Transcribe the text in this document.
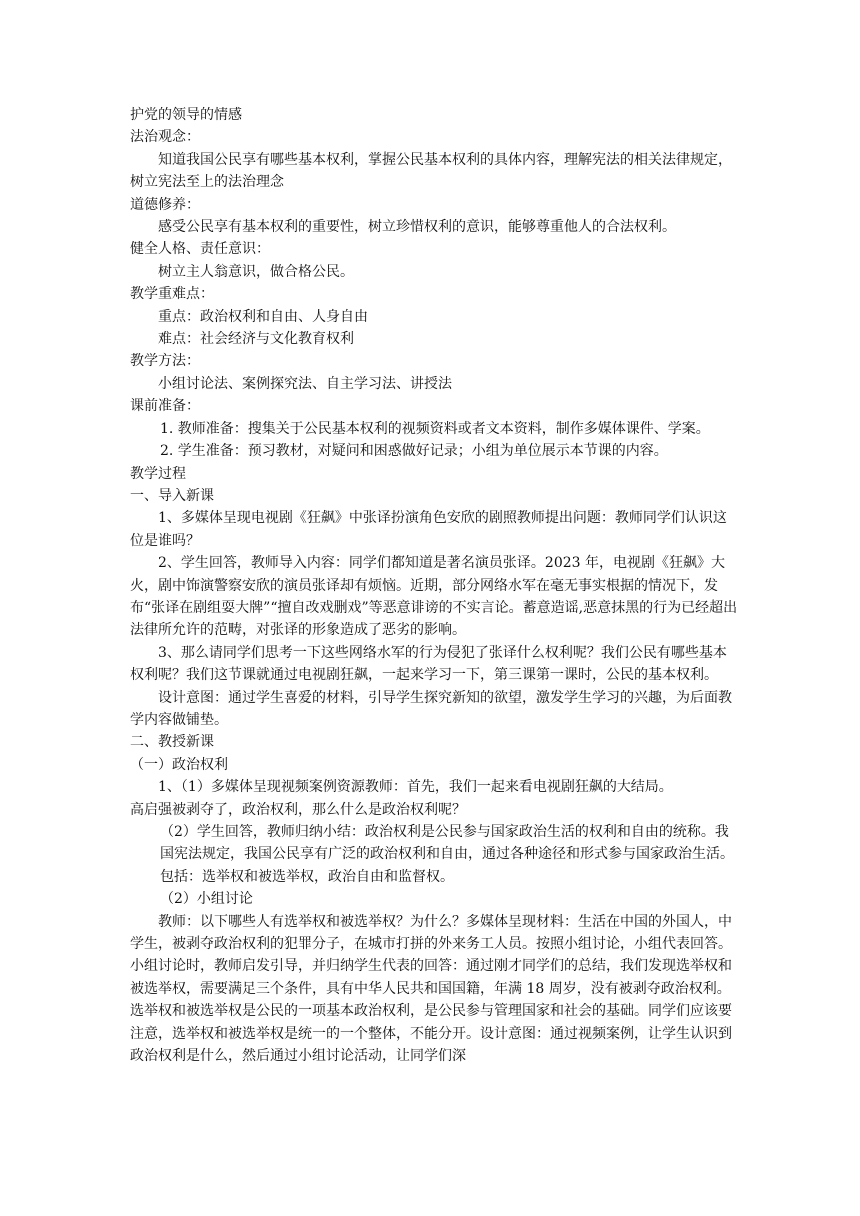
护党的领导的情感

法治观念：

知道我国公民享有哪些基本权利，掌握公民基本权利的具体内容，理解宪法的相关法律规定，树立宪法至上的法治理念

道德修养：

感受公民享有基本权利的重要性，树立珍惜权利的意识，能够尊重他人的合法权利。

健全人格、责任意识：

树立主人翁意识，做合格公民。

教学重难点：

重点：政治权利和自由、人身自由

难点：社会经济与文化教育权利

教学方法：

小组讨论法、案例探究法、自主学习法、讲授法

课前准备：

1. 教师准备：搜集关于公民基本权利的视频资料或者文本资料，制作多媒体课件、学案。

2. 学生准备：预习教材，对疑问和困惑做好记录；小组为单位展示本节课的内容。

教学过程

一、导入新课

1、多媒体呈现电视剧《狂飙》中张译扮演角色安欣的剧照教师提出问题：教师同学们认识这位是谁吗？

2、学生回答，教师导入内容：同学们都知道是著名演员张译。2023 年，电视剧《狂飙》大火，剧中饰演警察安欣的演员张译却有烦恼。近期，部分网络水军在毫无事实根据的情况下，发布“张译在剧组耍大牌”“擅自改戏删戏”等恶意诽谤的不实言论。蓄意造谣,恶意抹黑的行为已经超出法律所允许的范畴，对张译的形象造成了恶劣的影响。

3、那么请同学们思考一下这些网络水军的行为侵犯了张译什么权利呢？我们公民有哪些基本权利呢？我们这节课就通过电视剧狂飙，一起来学习一下，第三课第一课时，公民的基本权利。

设计意图：通过学生喜爱的材料，引导学生探究新知的欲望，激发学生学习的兴趣，为后面教学内容做铺垫。

二、教授新课

（一）政治权利

1、（1）多媒体呈现视频案例资源教师：首先，我们一起来看电视剧狂飙的大结局。

高启强被剥夺了，政治权利，那么什么是政治权利呢？

（2）学生回答，教师归纳小结：政治权利是公民参与国家政治生活的权利和自由的统称。我国宪法规定，我国公民享有广泛的政治权利和自由，通过各种途径和形式参与国家政治生活。包括：选举权和被选举权，政治自由和监督权。

（2）小组讨论

教师：以下哪些人有选举权和被选举权？为什么？多媒体呈现材料：生活在中国的外国人，中学生，被剥夺政治权利的犯罪分子，在城市打拼的外来务工人员。按照小组讨论，小组代表回答。小组讨论时，教师启发引导，并归纳学生代表的回答：通过刚才同学们的总结，我们发现选举权和被选举权，需要满足三个条件，具有中华人民共和国国籍，年满 18 周岁，没有被剥夺政治权利。选举权和被选举权是公民的一项基本政治权利，是公民参与管理国家和社会的基础。同学们应该要注意，选举权和被选举权是统一的一个整体，不能分开。设计意图：通过视频案例，让学生认识到政治权利是什么，然后通过小组讨论活动，让同学们深
